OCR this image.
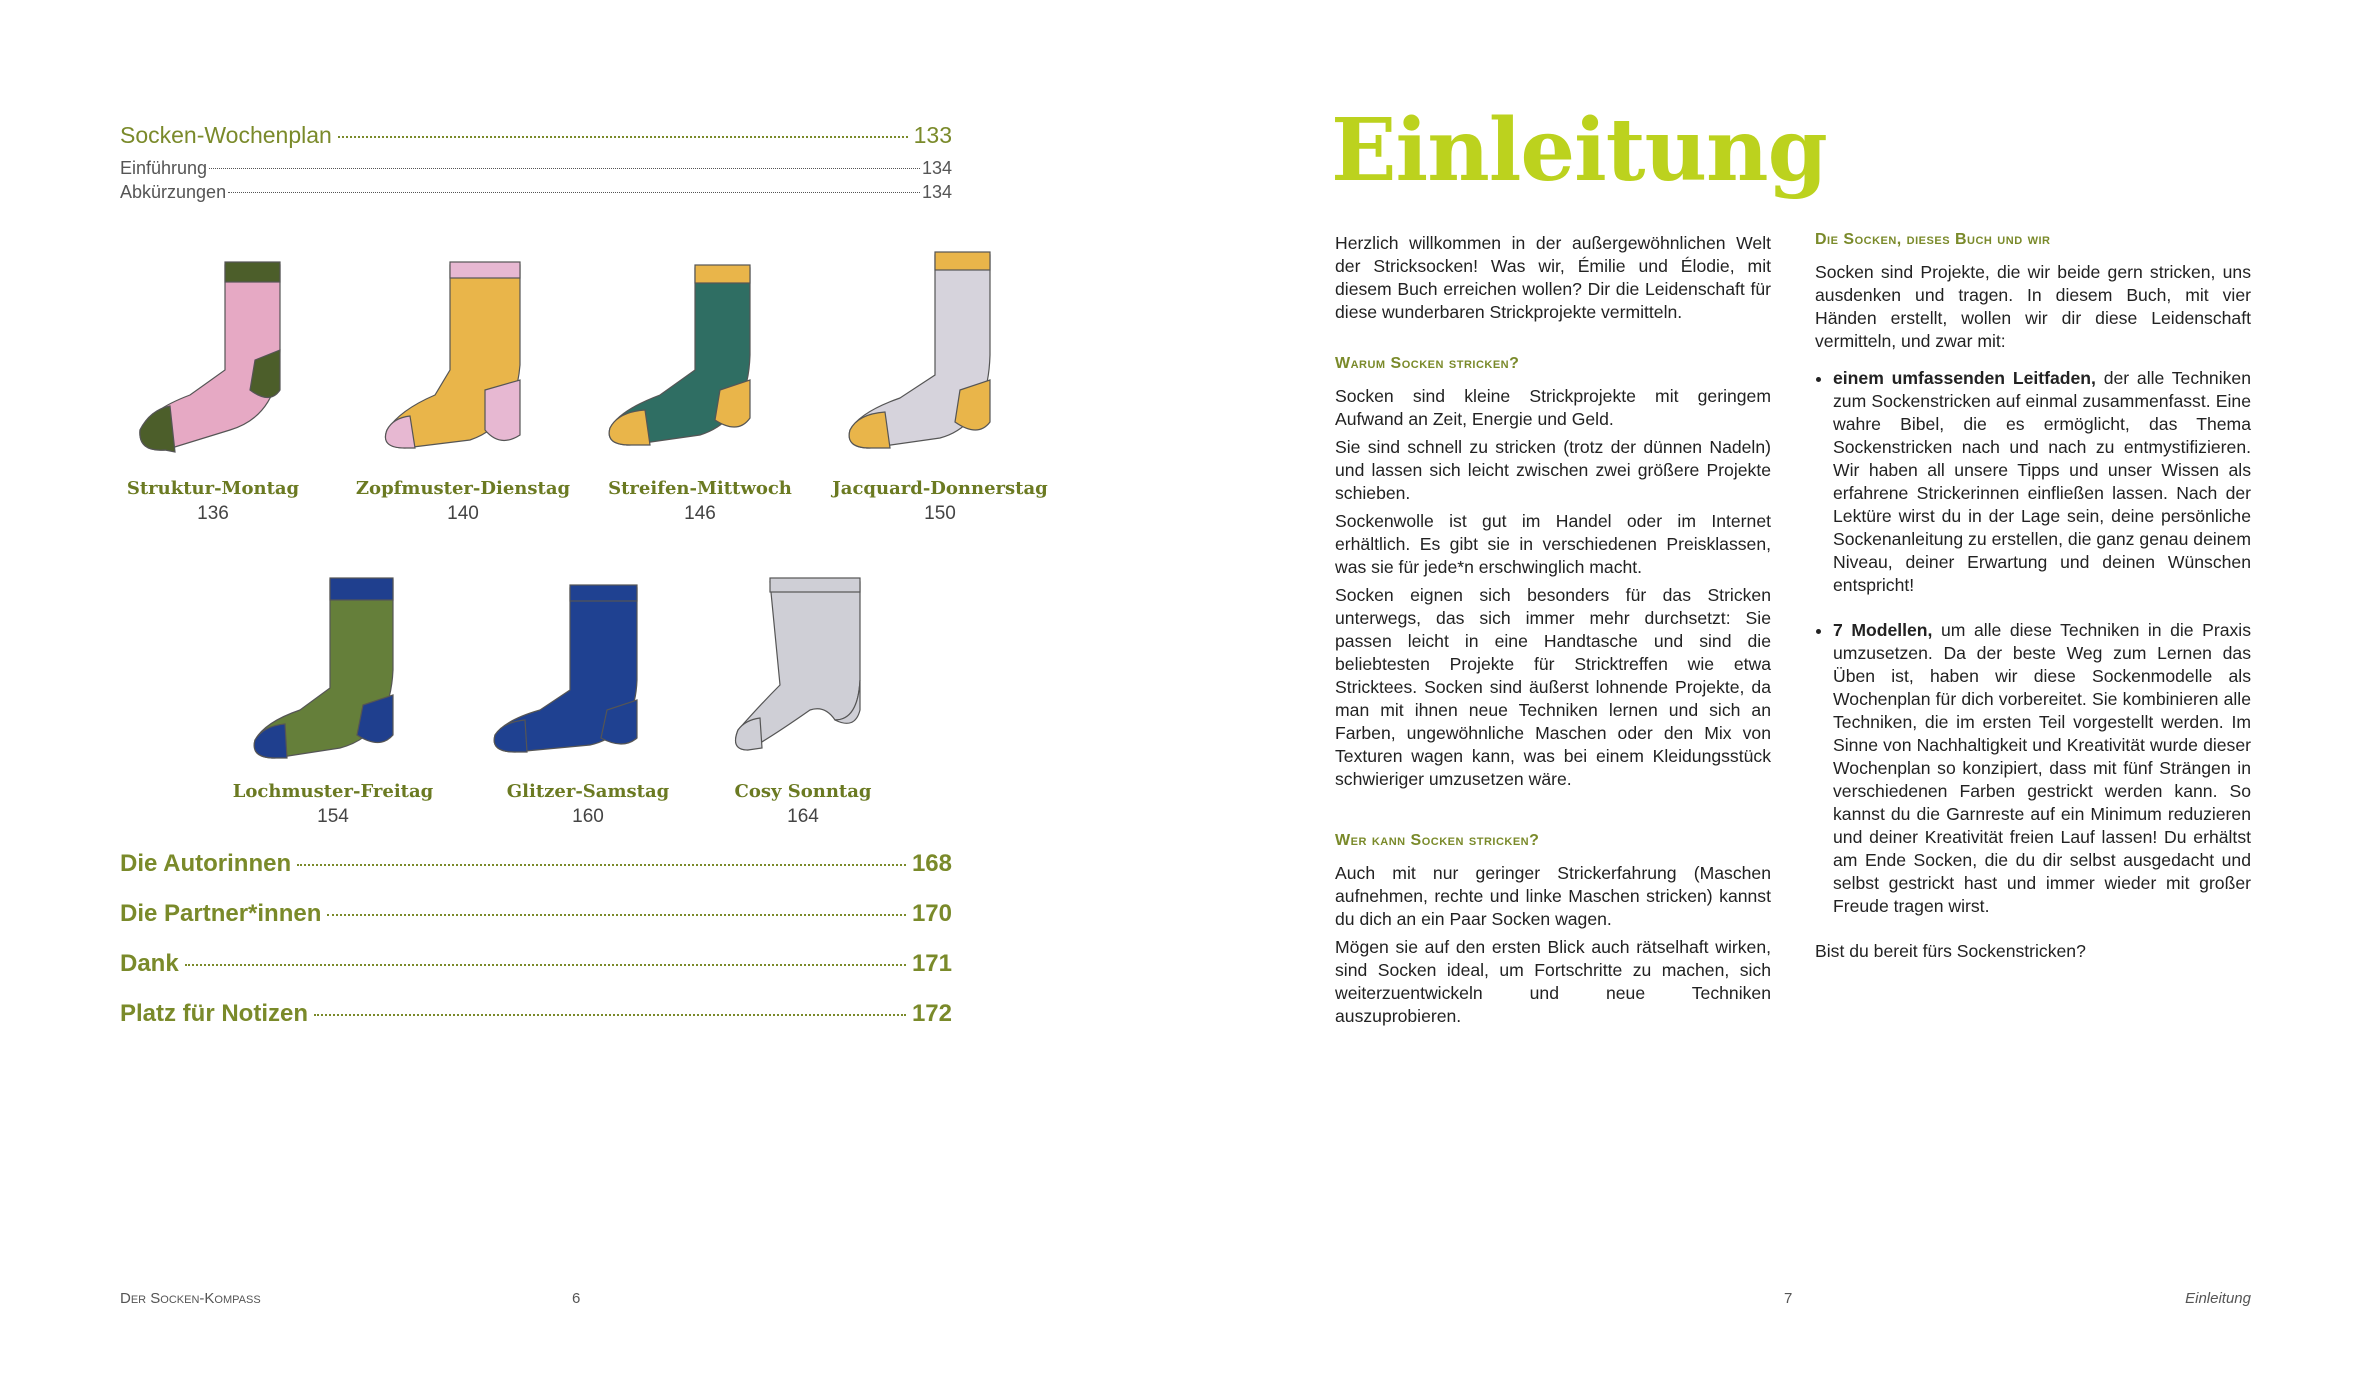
Socken-Wochenplan	133
Einführung	134
Abkürzungen	134
Struktur-Montag
136
Zopfmuster-Dienstag
140
Streifen-Mittwoch
146
Jacquard-Donnerstag
150
Lochmuster-Freitag
154
Glitzer-Samstag
160
Cosy Sonntag
164
Die Autorinnen	168
Die Partner*innen	170
Dank	171
Platz für Notizen	172
Der Socken-Kompass	6
Einleitung

Herzlich willkommen in der außergewöhnlichen Welt der Stricksocken! Was wir, Émilie und Élodie, mit diesem Buch erreichen wollen? Dir die Leidenschaft für diese wunderbaren Strickprojekte vermitteln.

Warum Socken stricken?

Socken sind kleine Strickprojekte mit geringem Aufwand an Zeit, Energie und Geld.

Sie sind schnell zu stricken (trotz der dünnen Nadeln) und lassen sich leicht zwischen zwei größere Projekte schieben.

Sockenwolle ist gut im Handel oder im Internet erhältlich. Es gibt sie in verschiedenen Preisklassen, was sie für jede*n erschwinglich macht.

Socken eignen sich besonders für das Stricken unterwegs, das sich immer mehr durchsetzt: Sie passen leicht in eine Handtasche und sind die beliebtesten Projekte für Stricktreffen wie etwa Stricktees. Socken sind äußerst lohnende Projekte, da man mit ihnen neue Techniken lernen und sich an Farben, ungewöhnliche Maschen oder den Mix von Texturen wagen kann, was bei einem Kleidungsstück schwieriger umzusetzen wäre.

Wer kann Socken stricken?

Auch mit nur geringer Strickerfahrung (Maschen aufnehmen, rechte und linke Maschen stricken) kannst du dich an ein Paar Socken wagen.

Mögen sie auf den ersten Blick auch rätselhaft wirken, sind Socken ideal, um Fortschritte zu machen, sich weiterzuentwickeln und neue Techniken auszuprobieren.

Die Socken, dieses Buch und wir

Socken sind Projekte, die wir beide gern stricken, uns ausdenken und tragen. In diesem Buch, mit vier Händen erstellt, wollen wir dir diese Leidenschaft vermitteln, und zwar mit:

• einem umfassenden Leitfaden, der alle Techniken zum Sockenstricken auf einmal zusammenfasst. Eine wahre Bibel, die es ermöglicht, das Thema Sockenstricken nach und nach zu entmystifizieren. Wir haben all unsere Tipps und unser Wissen als erfahrene Strickerinnen einfließen lassen. Nach der Lektüre wirst du in der Lage sein, deine persönliche Sockenanleitung zu erstellen, die ganz genau deinem Niveau, deiner Erwartung und deinen Wünschen entspricht!
• 7 Modellen, um alle diese Techniken in die Praxis umzusetzen. Da der beste Weg zum Lernen das Üben ist, haben wir diese Sockenmodelle als Wochenplan für dich vorbereitet. Sie kombinieren alle Techniken, die im ersten Teil vorgestellt werden. Im Sinne von Nachhaltigkeit und Kreativität wurde dieser Wochenplan so konzipiert, dass mit fünf Strängen in verschiedenen Farben gestrickt werden kann. So kannst du die Garnreste auf ein Minimum reduzieren und deiner Kreativität freien Lauf lassen! Du erhältst am Ende Socken, die du dir selbst ausgedacht und selbst gestrickt hast und immer wieder mit großer Freude tragen wirst.

Bist du bereit fürs Sockenstricken?

7	Einleitung
